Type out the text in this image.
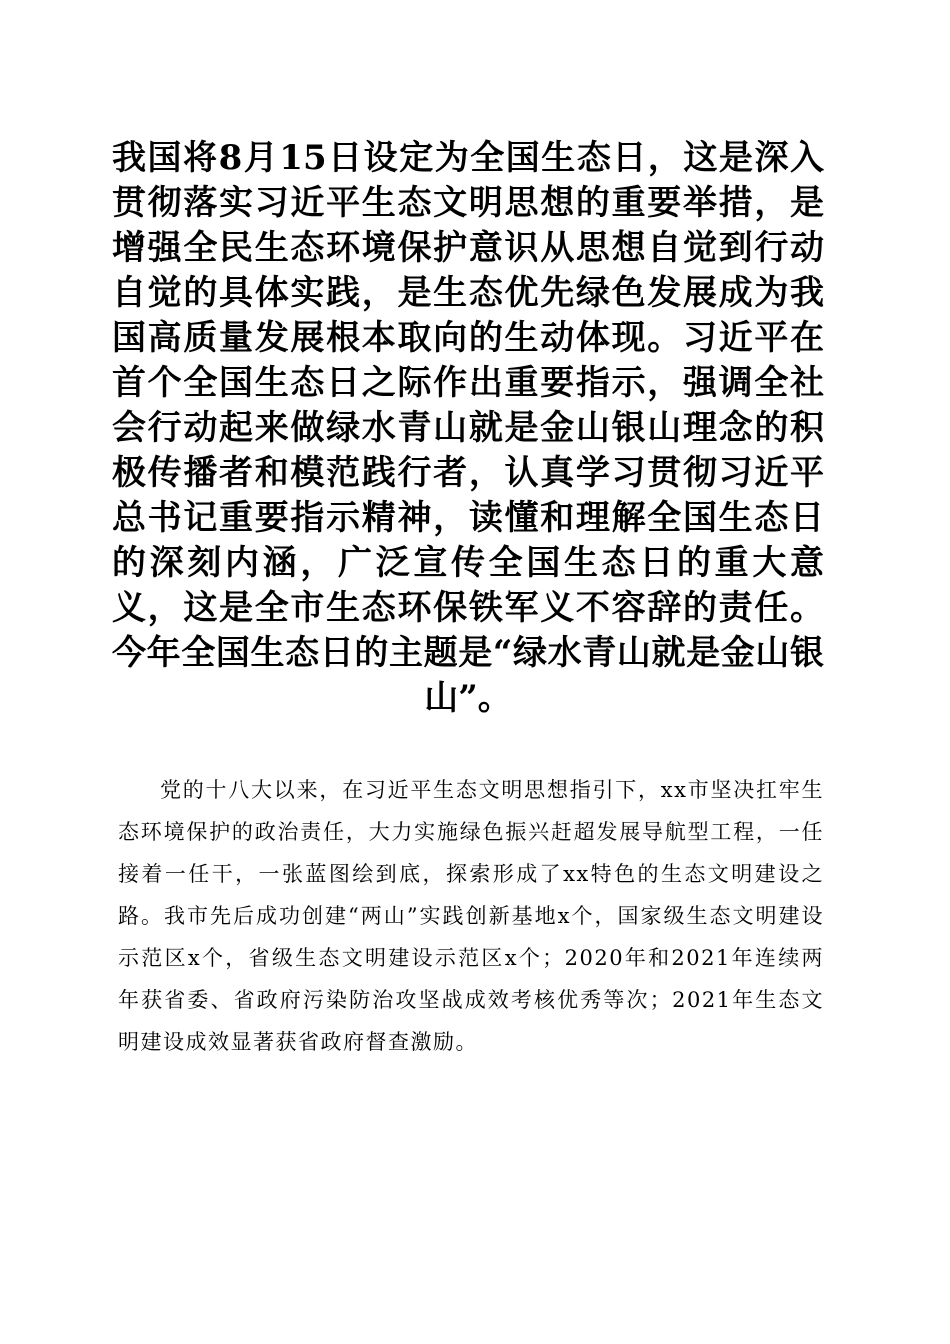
我国将8月15日设定为全国生态日，这是深入贯彻落实习近平生态文明思想的重要举措，是增强全民生态环境保护意识从思想自觉到行动自觉的具体实践，是生态优先绿色发展成为我国高质量发展根本取向的生动体现。习近平在首个全国生态日之际作出重要指示，强调全社会行动起来做绿水青山就是金山银山理念的积极传播者和模范践行者，认真学习贯彻习近平总书记重要指示精神，读懂和理解全国生态日的深刻内涵，广泛宣传全国生态日的重大意义，这是全市生态环保铁军义不容辞的责任。今年全国生态日的主题是“绿水青山就是金山银山”。

党的十八大以来，在习近平生态文明思想指引下，xx市坚决扛牢生态环境保护的政治责任，大力实施绿色振兴赶超发展导航型工程，一任接着一任干，一张蓝图绘到底，探索形成了xx特色的生态文明建设之路。我市先后成功创建“两山”实践创新基地x个，国家级生态文明建设示范区x个，省级生态文明建设示范区x个；2020年和2021年连续两年获省委、省政府污染防治攻坚战成效考核优秀等次；2021年生态文明建设成效显著获省政府督查激励。
